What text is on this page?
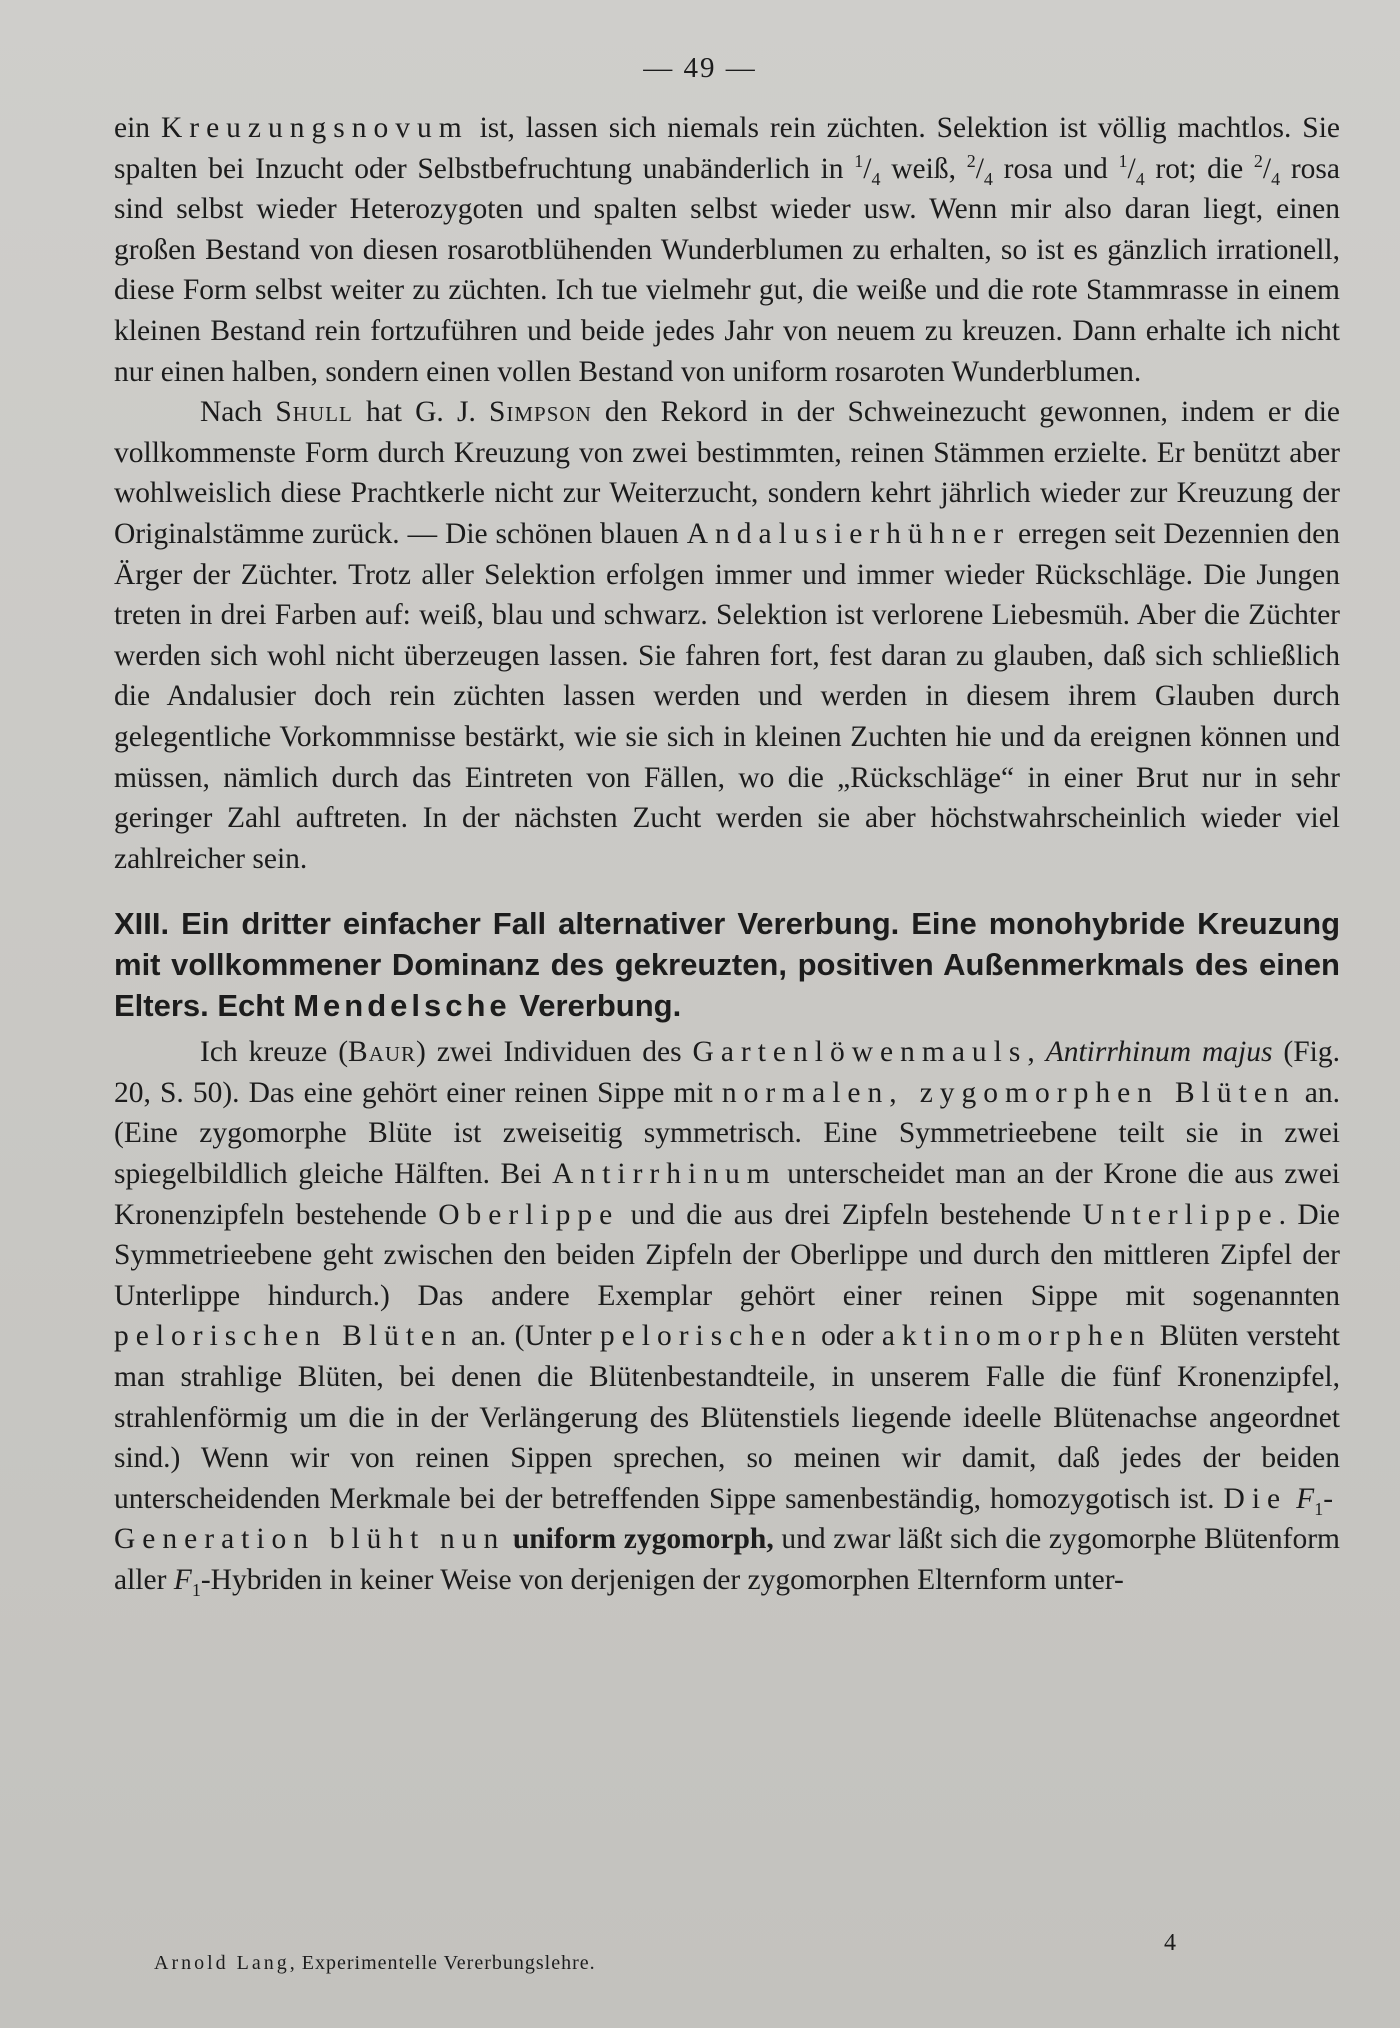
— 49 —

ein Kreuzungsnovum ist, lassen sich niemals rein züchten. Selektion ist völlig machtlos. Sie spalten bei Inzucht oder Selbstbefruchtung unabänderlich in $^1/_4$ weiß, $^2/_4$ rosa und $^1/_4$ rot; die $^2/_4$ rosa sind selbst wieder Heterozygoten und spalten selbst wieder usw. Wenn mir also daran liegt, einen großen Bestand von diesen rosarotblühenden Wunderblumen zu erhalten, so ist es gänzlich irrationell, diese Form selbst weiter zu züchten. Ich tue vielmehr gut, die weiße und die rote Stammrasse in einem kleinen Bestand rein fortzuführen und beide jedes Jahr von neuem zu kreuzen. Dann erhalte ich nicht nur einen halben, sondern einen vollen Bestand von uniform rosaroten Wunderblumen.

Nach Shull hat G. J. Simpson den Rekord in der Schweinezucht gewonnen, indem er die vollkommenste Form durch Kreuzung von zwei bestimmten, reinen Stämmen erzielte. Er benützt aber wohlweislich diese Prachtkerle nicht zur Weiterzucht, sondern kehrt jährlich wieder zur Kreuzung der Originalstämme zurück. — Die schönen blauen Andalusierhühner erregen seit Dezennien den Ärger der Züchter. Trotz aller Selektion erfolgen immer und immer wieder Rückschläge. Die Jungen treten in drei Farben auf: weiß, blau und schwarz. Selektion ist verlorene Liebesmüh. Aber die Züchter werden sich wohl nicht überzeugen lassen. Sie fahren fort, fest daran zu glauben, daß sich schließlich die Andalusier doch rein züchten lassen werden und werden in diesem ihrem Glauben durch gelegentliche Vorkommnisse bestärkt, wie sie sich in kleinen Zuchten hie und da ereignen können und müssen, nämlich durch das Eintreten von Fällen, wo die „Rückschläge“ in einer Brut nur in sehr geringer Zahl auftreten. In der nächsten Zucht werden sie aber höchstwahrscheinlich wieder viel zahlreicher sein.

XIII. Ein dritter einfacher Fall alternativer Vererbung. Eine monohybride Kreuzung mit vollkommener Dominanz des gekreuzten, positiven Außenmerkmals des einen Elters. Echt Mendelsche Vererbung.

Ich kreuze (Baur) zwei Individuen des Gartenlöwenmauls, Antirrhinum majus (Fig. 20, S. 50). Das eine gehört einer reinen Sippe mit normalen, zygomorphen Blüten an. (Eine zygomorphe Blüte ist zweiseitig symmetrisch. Eine Symmetrieebene teilt sie in zwei spiegelbildlich gleiche Hälften. Bei Antirrhinum unterscheidet man an der Krone die aus zwei Kronenzipfeln bestehende Oberlippe und die aus drei Zipfeln bestehende Unterlippe. Die Symmetrieebene geht zwischen den beiden Zipfeln der Oberlippe und durch den mittleren Zipfel der Unterlippe hindurch.) Das andere Exemplar gehört einer reinen Sippe mit sogenannten pelorischen Blüten an. (Unter pelorischen oder aktinomorphen Blüten versteht man strahlige Blüten, bei denen die Blütenbestandteile, in unserem Falle die fünf Kronenzipfel, strahlenförmig um die in der Verlängerung des Blütenstiels liegende ideelle Blütenachse angeordnet sind.) Wenn wir von reinen Sippen sprechen, so meinen wir damit, daß jedes der beiden unterscheidenden Merkmale bei der betreffenden Sippe samenbeständig, homozygotisch ist. Die $F_1$-Generation blüht nun uniform zygomorph, und zwar läßt sich die zygomorphe Blütenform aller $F_1$-Hybriden in keiner Weise von derjenigen der zygomorphen Elternform unter-

4
Arnold Lang, Experimentelle Vererbungslehre.
